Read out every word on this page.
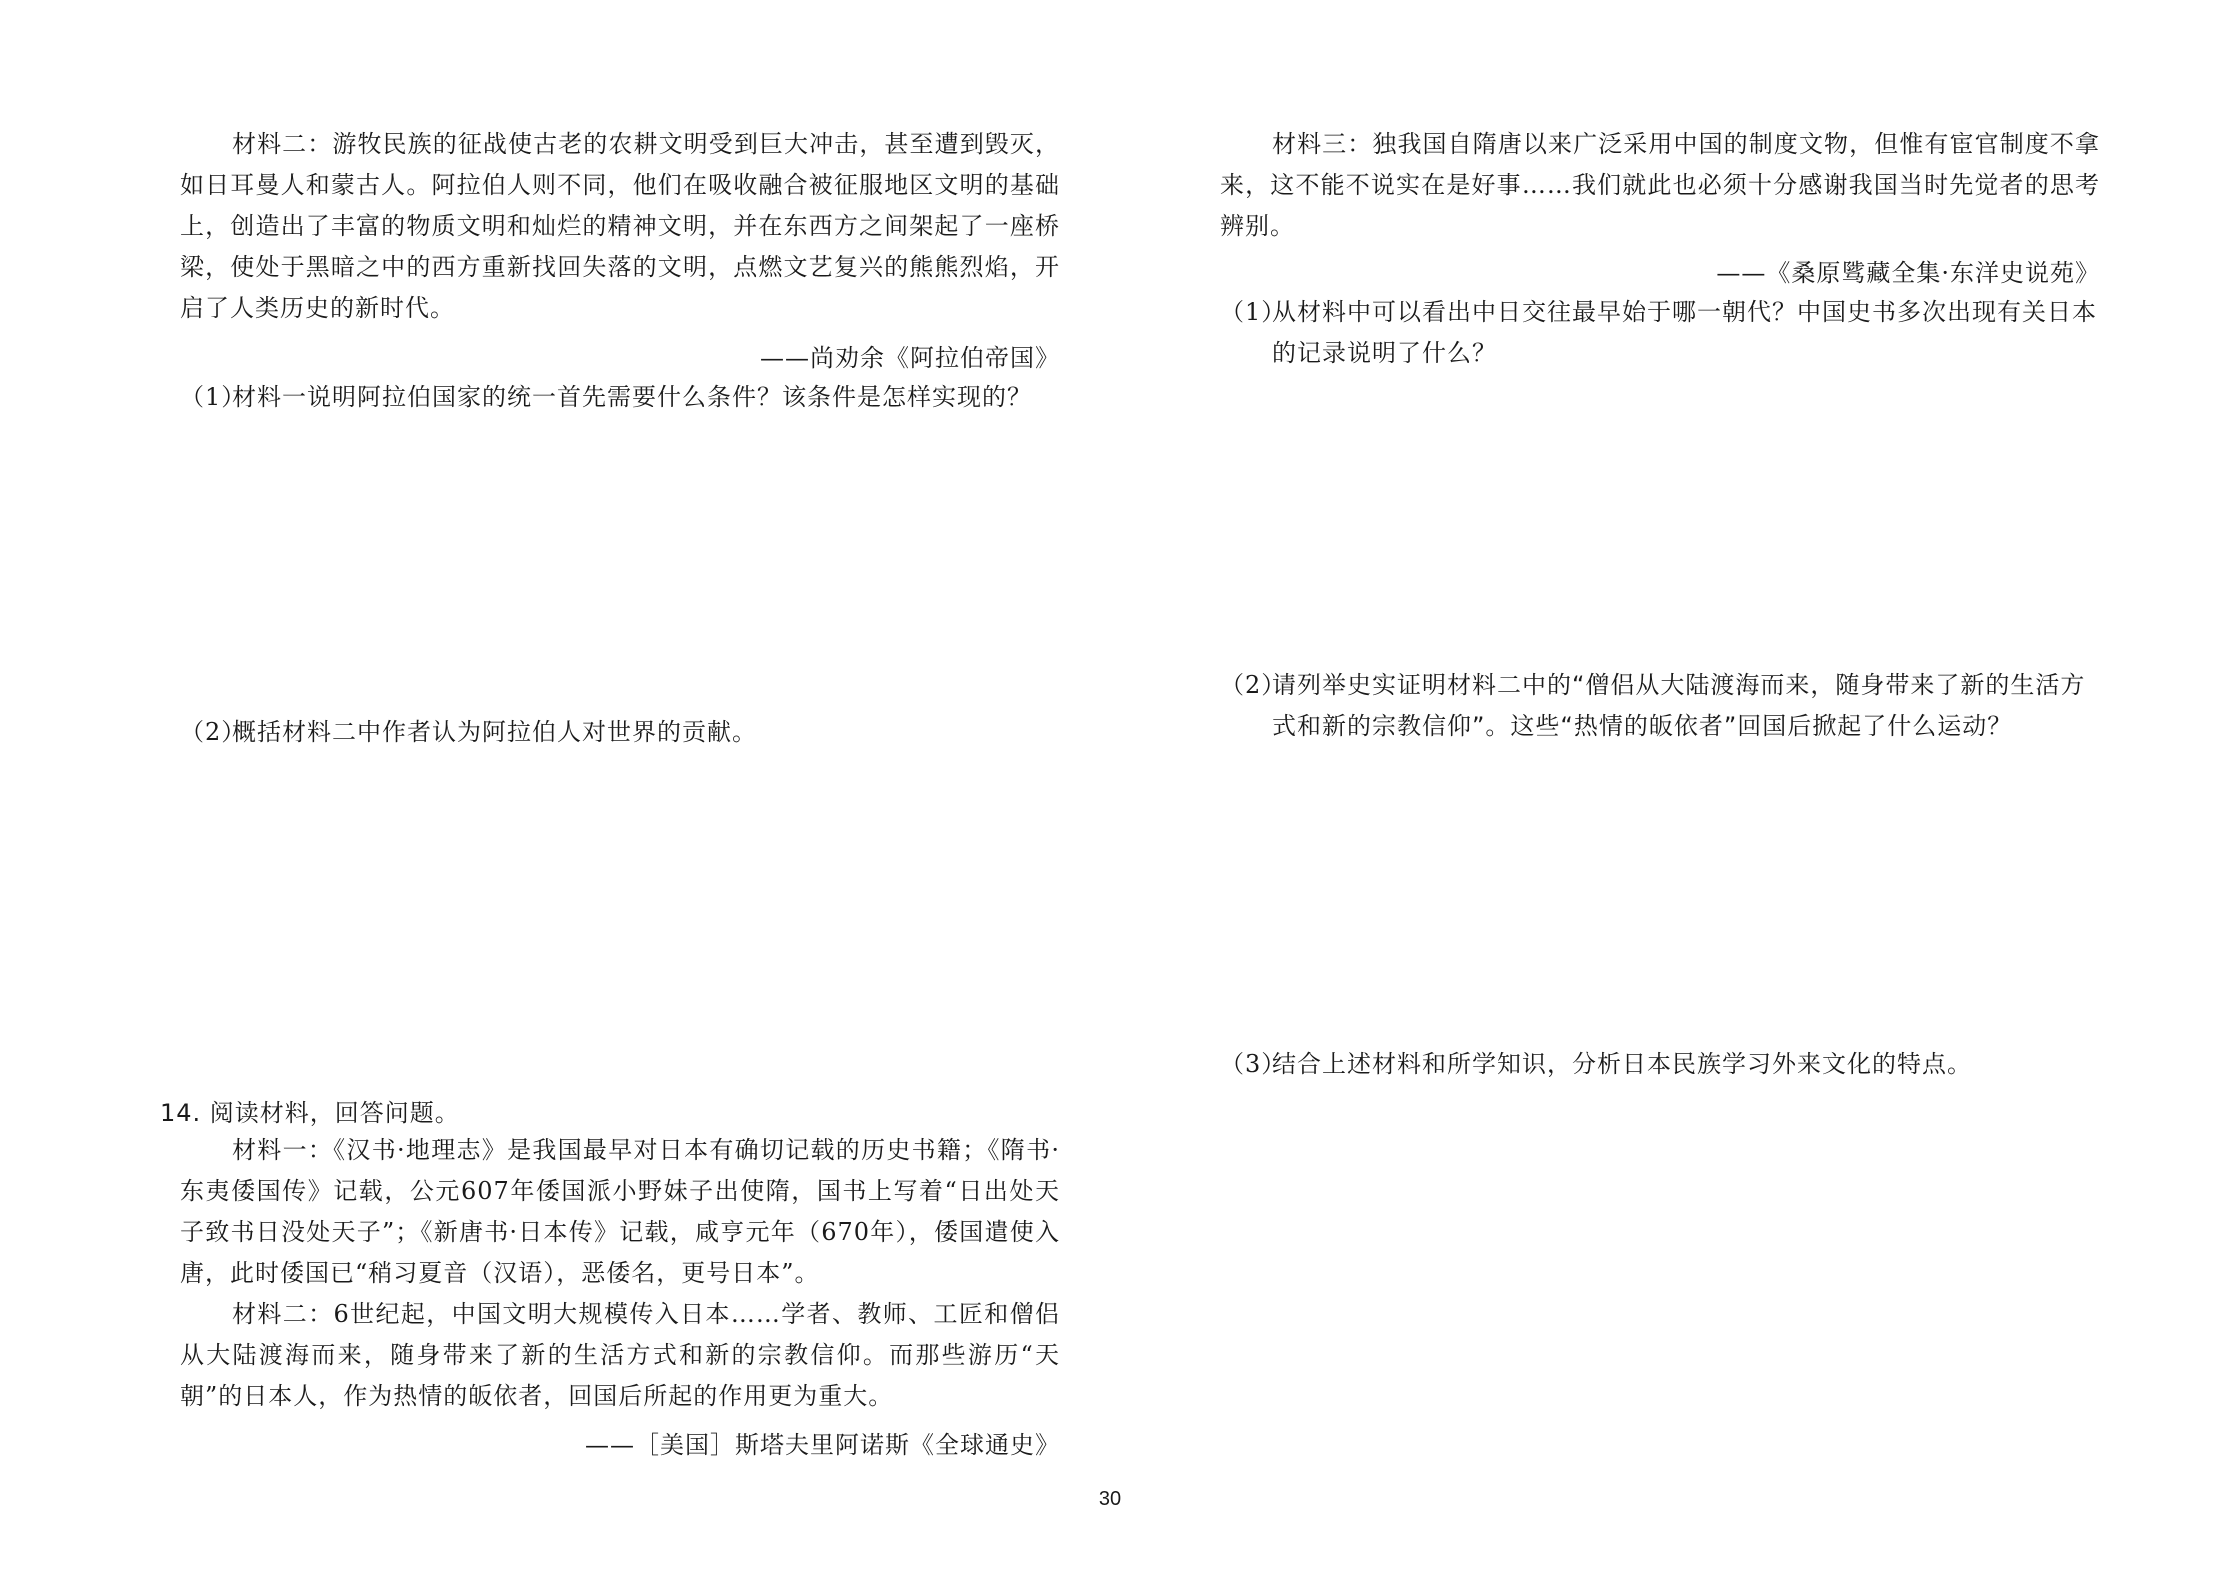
材料二：游牧民族的征战使古老的农耕文明受到巨大冲击，甚至遭到毁灭，如日耳曼人和蒙古人。阿拉伯人则不同，他们在吸收融合被征服地区文明的基础上，创造出了丰富的物质文明和灿烂的精神文明，并在东西方之间架起了一座桥梁，使处于黑暗之中的西方重新找回失落的文明，点燃文艺复兴的熊熊烈焰，开启了人类历史的新时代。
——尚劝余《阿拉伯帝国》
（1）材料一说明阿拉伯国家的统一首先需要什么条件？该条件是怎样实现的？
（2）概括材料二中作者认为阿拉伯人对世界的贡献。
14. 阅读材料，回答问题。
材料一：《汉书·地理志》是我国最早对日本有确切记载的历史书籍；《隋书·东夷倭国传》记载，公元607年倭国派小野妹子出使隋，国书上写着“日出处天子致书日没处天子”；《新唐书·日本传》记载，咸亨元年（670年），倭国遣使入唐，此时倭国已“稍习夏音（汉语），恶倭名，更号日本”。
材料二：6世纪起，中国文明大规模传入日本……学者、教师、工匠和僧侣从大陆渡海而来，随身带来了新的生活方式和新的宗教信仰。而那些游历“天朝”的日本人，作为热情的皈依者，回国后所起的作用更为重大。
——［美国］斯塔夫里阿诺斯《全球通史》
材料三：独我国自隋唐以来广泛采用中国的制度文物，但惟有宦官制度不拿来，这不能不说实在是好事……我们就此也必须十分感谢我国当时先觉者的思考辨别。
——《桑原骘藏全集·东洋史说苑》
（1）从材料中可以看出中日交往最早始于哪一朝代？中国史书多次出现有关日本的记录说明了什么？
（2）请列举史实证明材料二中的“僧侣从大陆渡海而来，随身带来了新的生活方式和新的宗教信仰”。这些“热情的皈依者”回国后掀起了什么运动？
（3）结合上述材料和所学知识，分析日本民族学习外来文化的特点。
30
